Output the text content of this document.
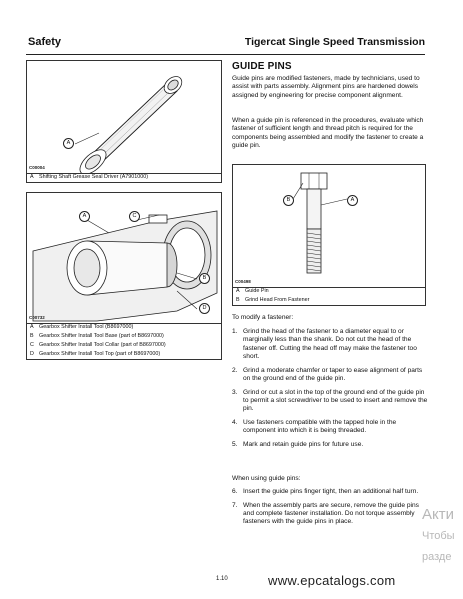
Safety	Tigercat Single Speed Transmission
A
C00004
A Shifting Shaft Grease Seal Driver (A7901000)
A
B
C
D
C00732
A Gearbox Shifter Install Tool (B8697000)
B Gearbox Shifter Install Tool Base (part of B8697000)
C Gearbox Shifter Install Tool Collar (part of B8697000)
D Gearbox Shifter Install Tool Top (part of B8697000)
GUIDE PINS

Guide pins are modified fasteners, made by technicians, used to assist with parts assembly. Alignment pins are hardened dowels assigned by engineering for precise component alignment.

When a guide pin is referenced in the procedures, evaluate which fastener of sufficient length and thread pitch is required for the components being assembled and modify the fastener to create a guide pin.

B	A
C00498
A Guide Pin
B Grind Head From Fastener

To modify a fastener:

1. Grind the head of the fastener to a diameter equal to or marginally less than the shank. Do not cut the head of the fastener off. Cutting the head off may make the fastener too short.
2. Grind a moderate chamfer or taper to ease alignment of parts on the ground end of the guide pin.
3. Grind or cut a slot in the top of the ground end of the guide pin to permit a slot screwdriver to be used to insert and remove the pin.
4. Use fasteners compatible with the tapped hole in the component into which it is being threaded.
5. Mark and retain guide pins for future use.

When using guide pins:

6. Insert the guide pins finger tight, then an additional half turn.
7. When the assembly parts are secure, remove the guide pins and complete fastener installation. Do not torque assembly fasteners with the guide pins in place.
1.10	www.epcatalogs.com
Акти
Чтобы
разде
